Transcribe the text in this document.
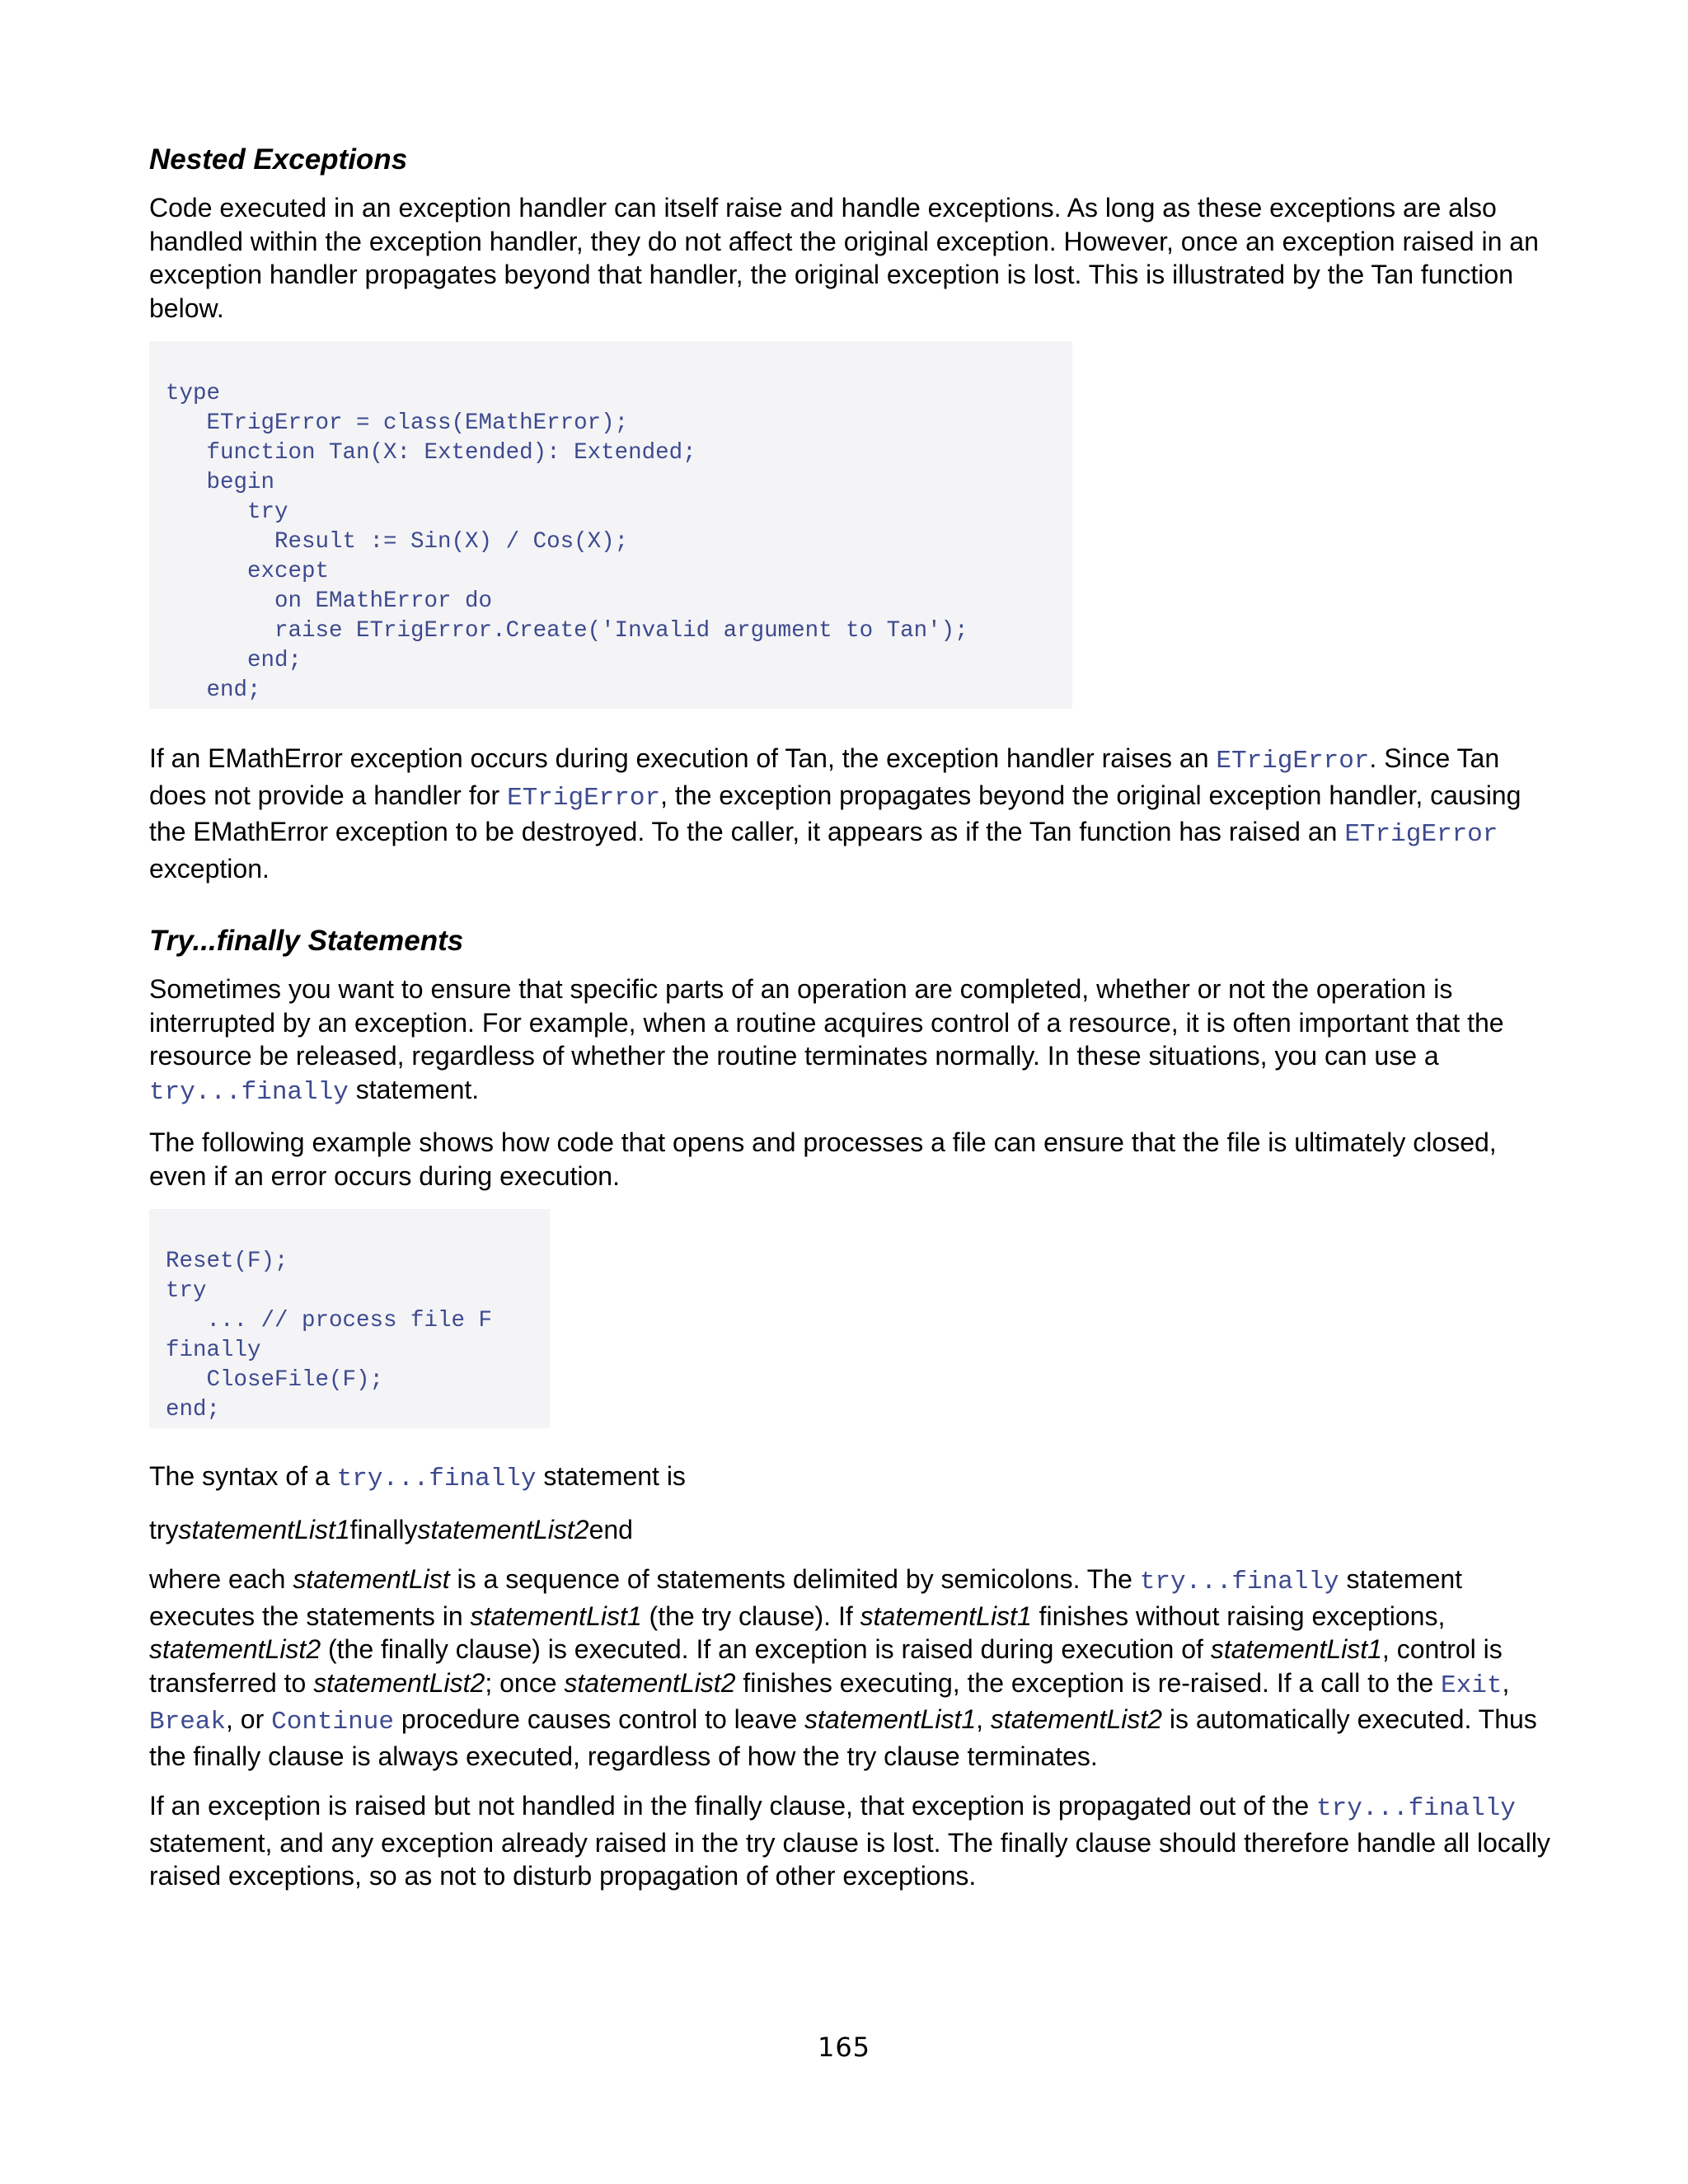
Nested Exceptions

Code executed in an exception handler can itself raise and handle exceptions. As long as these exceptions are also handled within the exception handler, they do not affect the original exception. However, once an exception raised in an exception handler propagates beyond that handler, the original exception is lost. This is illustrated by the Tan function below.

type
ETrigError = class(EMathError);
function Tan(X: Extended): Extended;
begin
try
Result := Sin(X) / Cos(X);
except
on EMathError do
raise ETrigError.Create('Invalid argument to Tan');
end;
end;

If an EMathError exception occurs during execution of Tan, the exception handler raises an ETrigError. Since Tan does not provide a handler for ETrigError, the exception propagates beyond the original exception handler, causing the EMathError exception to be destroyed. To the caller, it appears as if the Tan function has raised an ETrigError exception.

Try...finally Statements

Sometimes you want to ensure that specific parts of an operation are completed, whether or not the operation is interrupted by an exception. For example, when a routine acquires control of a resource, it is often important that the resource be released, regardless of whether the routine terminates normally. In these situations, you can use a try...finally statement.

The following example shows how code that opens and processes a file can ensure that the file is ultimately closed, even if an error occurs during execution.

Reset(F);
try
... // process file F
finally
CloseFile(F);
end;

The syntax of a try...finally statement is

trystatementList1finallystatementList2end

where each statementList is a sequence of statements delimited by semicolons. The try...finally statement executes the statements in statementList1 (the try clause). If statementList1 finishes without raising exceptions, statementList2 (the finally clause) is executed. If an exception is raised during execution of statementList1, control is transferred to statementList2; once statementList2 finishes executing, the exception is re-raised. If a call to the Exit, Break, or Continue procedure causes control to leave statementList1, statementList2 is automatically executed. Thus the finally clause is always executed, regardless of how the try clause terminates.

If an exception is raised but not handled in the finally clause, that exception is propagated out of the try...finally statement, and any exception already raised in the try clause is lost. The finally clause should therefore handle all locally raised exceptions, so as not to disturb propagation of other exceptions.

165
